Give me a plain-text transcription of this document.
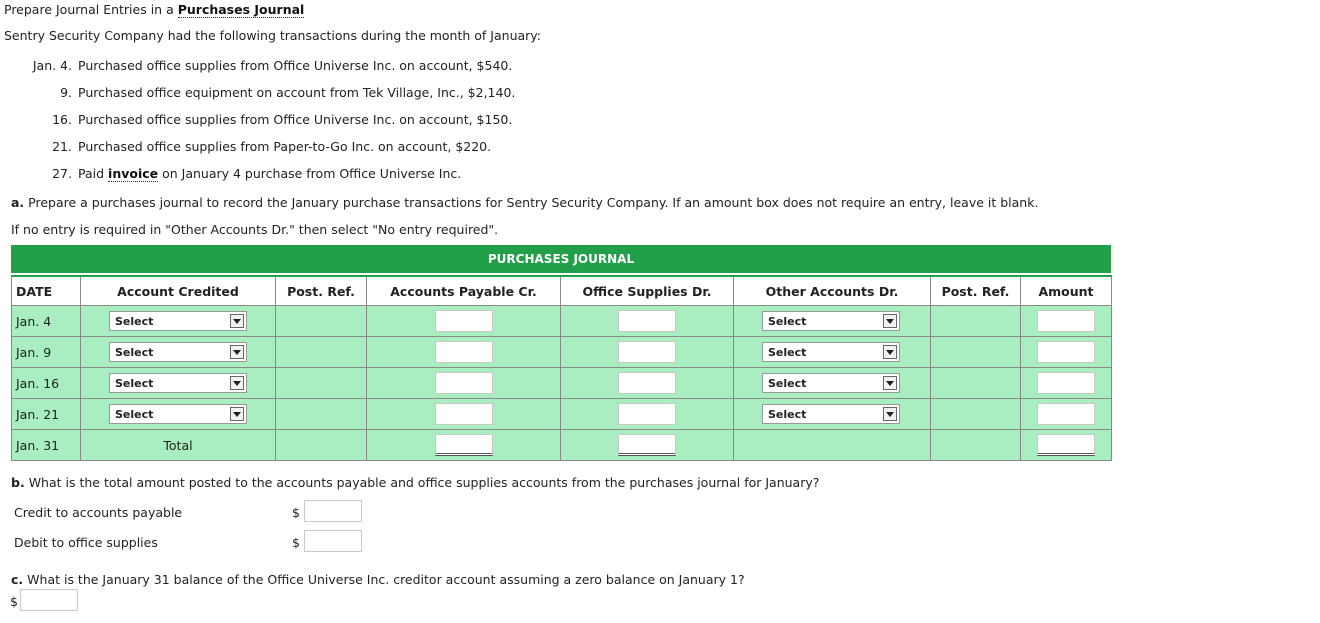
Prepare Journal Entries in a Purchases Journal
Sentry Security Company had the following transactions during the month of January:
Jan. 4. Purchased office supplies from Office Universe Inc. on account, $540.
9. Purchased office equipment on account from Tek Village, Inc., $2,140.
16. Purchased office supplies from Office Universe Inc. on account, $150.
21. Purchased office supplies from Paper-to-Go Inc. on account, $220.
27. Paid invoice on January 4 purchase from Office Universe Inc.
a. Prepare a purchases journal to record the January purchase transactions for Sentry Security Company. If an amount box does not require an entry, leave it blank.
If no entry is required in "Other Accounts Dr." then select "No entry required".
PURCHASES JOURNAL
DATE	Account Credited	Post. Ref.	Accounts Payable Cr.	Office Supplies Dr.	Other Accounts Dr.	Post. Ref.	Amount
Jan. 4	Select				Select		

Jan. 9	Select				Select		

Jan. 16	Select				Select		

Jan. 21	Select				Select		

Jan. 31	Total		

b. What is the total amount posted to the accounts payable and office supplies accounts from the purchases journal for January?
Credit to accounts payable	$
Debit to office supplies	$
c. What is the January 31 balance of the Office Universe Inc. creditor account assuming a zero balance on January 1?
$
